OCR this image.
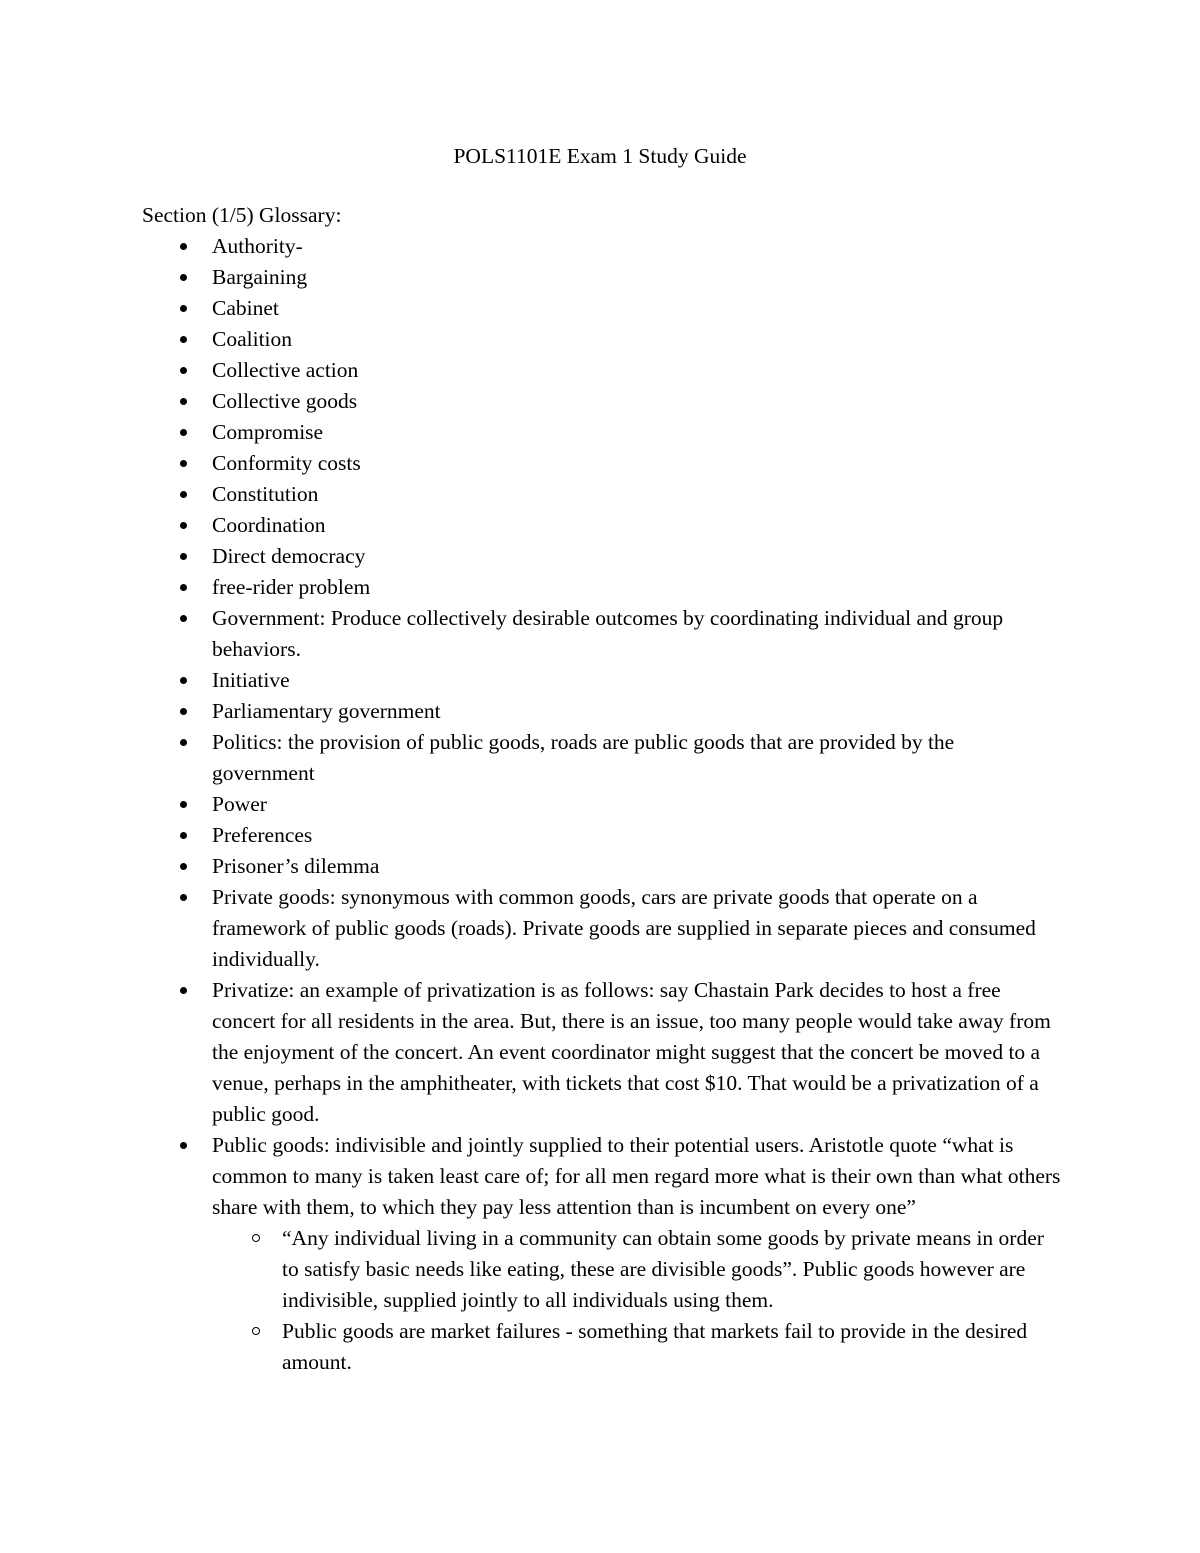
POLS1101E Exam 1 Study Guide
Section (1/5) Glossary:
Authority-
Bargaining
Cabinet
Coalition
Collective action
Collective goods
Compromise
Conformity costs
Constitution
Coordination
Direct democracy
free-rider problem
Government: Produce collectively desirable outcomes by coordinating individual and group behaviors.
Initiative
Parliamentary government
Politics: the provision of public goods, roads are public goods that are provided by the government
Power
Preferences
Prisoner’s dilemma
Private goods: synonymous with common goods, cars are private goods that operate on a framework of public goods (roads). Private goods are supplied in separate pieces and consumed individually.
Privatize: an example of privatization is as follows: say Chastain Park decides to host a free concert for all residents in the area. But, there is an issue, too many people would take away from the enjoyment of the concert. An event coordinator might suggest that the concert be moved to a venue, perhaps in the amphitheater, with tickets that cost $10. That would be a privatization of a public good.
Public goods: indivisible and jointly supplied to their potential users. Aristotle quote “what is common to many is taken least care of; for all men regard more what is their own than what others share with them, to which they pay less attention than is incumbent on every one”
“Any individual living in a community can obtain some goods by private means in order to satisfy basic needs like eating, these are divisible goods”. Public goods however are indivisible, supplied jointly to all individuals using them.
Public goods are market failures - something that markets fail to provide in the desired amount.
